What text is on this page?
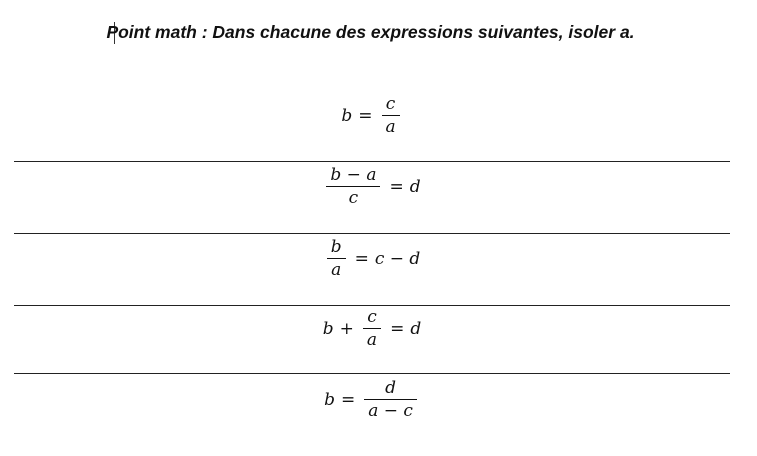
Point math : Dans chacune des expressions suivantes, isoler a.
$b = \frac{c}{a}$
$\frac{b - a}{c} = d$
$\frac{b}{a} = c - d$
$b + \frac{c}{a} = d$
$b = \frac{d}{a - c}$
